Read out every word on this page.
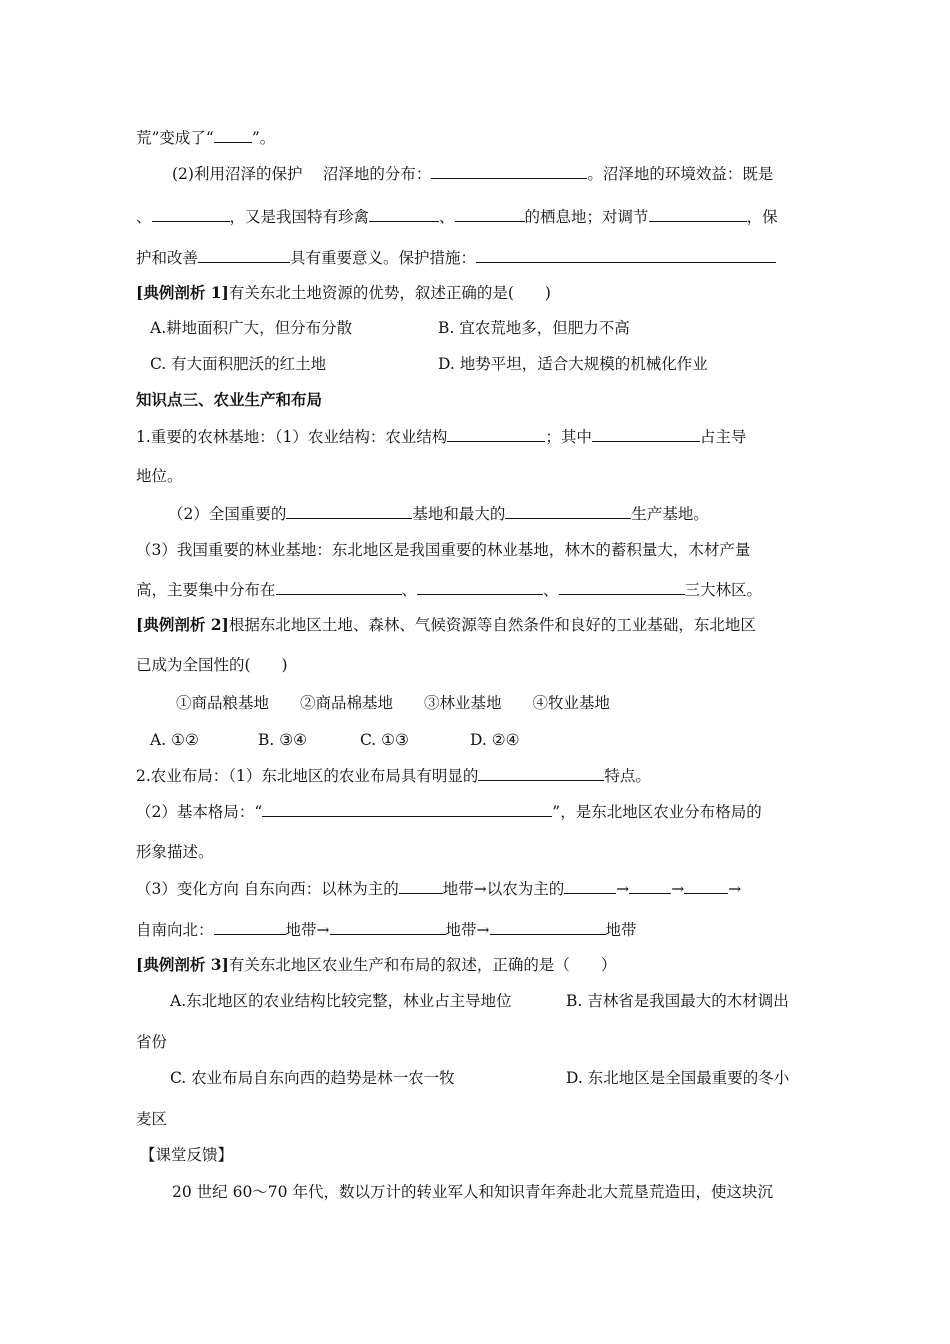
荒”变成了“ ”。
(2)利用沼泽的保护　 沼泽地的分布：	。沼泽地的环境效益：既是
、	，又是我国特有珍禽	、	的栖息地；对调节	，保
护和改善	具有重要意义。保护措施：
[典例剖析 1]有关东北土地资源的优势，叙述正确的是(　　)
A.耕地面积广大，但分布分散	B. 宜农荒地多，但肥力不高
C. 有大面积肥沃的红土地	D. 地势平坦，适合大规模的机械化作业
知识点三、农业生产和布局
1.重要的农林基地：（1）农业结构：农业结构	；其中	占主导
地位。
（2）全国重要的	基地和最大的	生产基地。
（3）我国重要的林业基地：东北地区是我国重要的林业基地，林木的蓄积量大，木材产量
高，主要集中分布在	、	、	三大林区。
[典例剖析 2]根据东北地区土地、森林、气候资源等自然条件和良好的工业基础，东北地区
已成为全国性的(　　)
①商品粮基地　　②商品棉基地　　③林业基地　　④牧业基地
A. ①②	B. ③④	C. ①③	D. ②④
2.农业布局：（1）东北地区的农业布局具有明显的	特点。
（2）基本格局：“	”，是东北地区农业分布格局的
形象描述。
（3）变化方向 自东向西：以林为主的	地带→以农为主的	→	→	→
自南向北：	地带→	地带→	地带
[典例剖析 3]有关东北地区农业生产和布局的叙述，正确的是（　　）
A.东北地区的农业结构比较完整，林业占主导地位	B. 吉林省是我国最大的木材调出
省份
C. 农业布局自东向西的趋势是林一农一牧	D. 东北地区是全国最重要的冬小
麦区
【课堂反馈】
20 世纪 60～70 年代，数以万计的转业军人和知识青年奔赴北大荒垦荒造田，使这块沉
